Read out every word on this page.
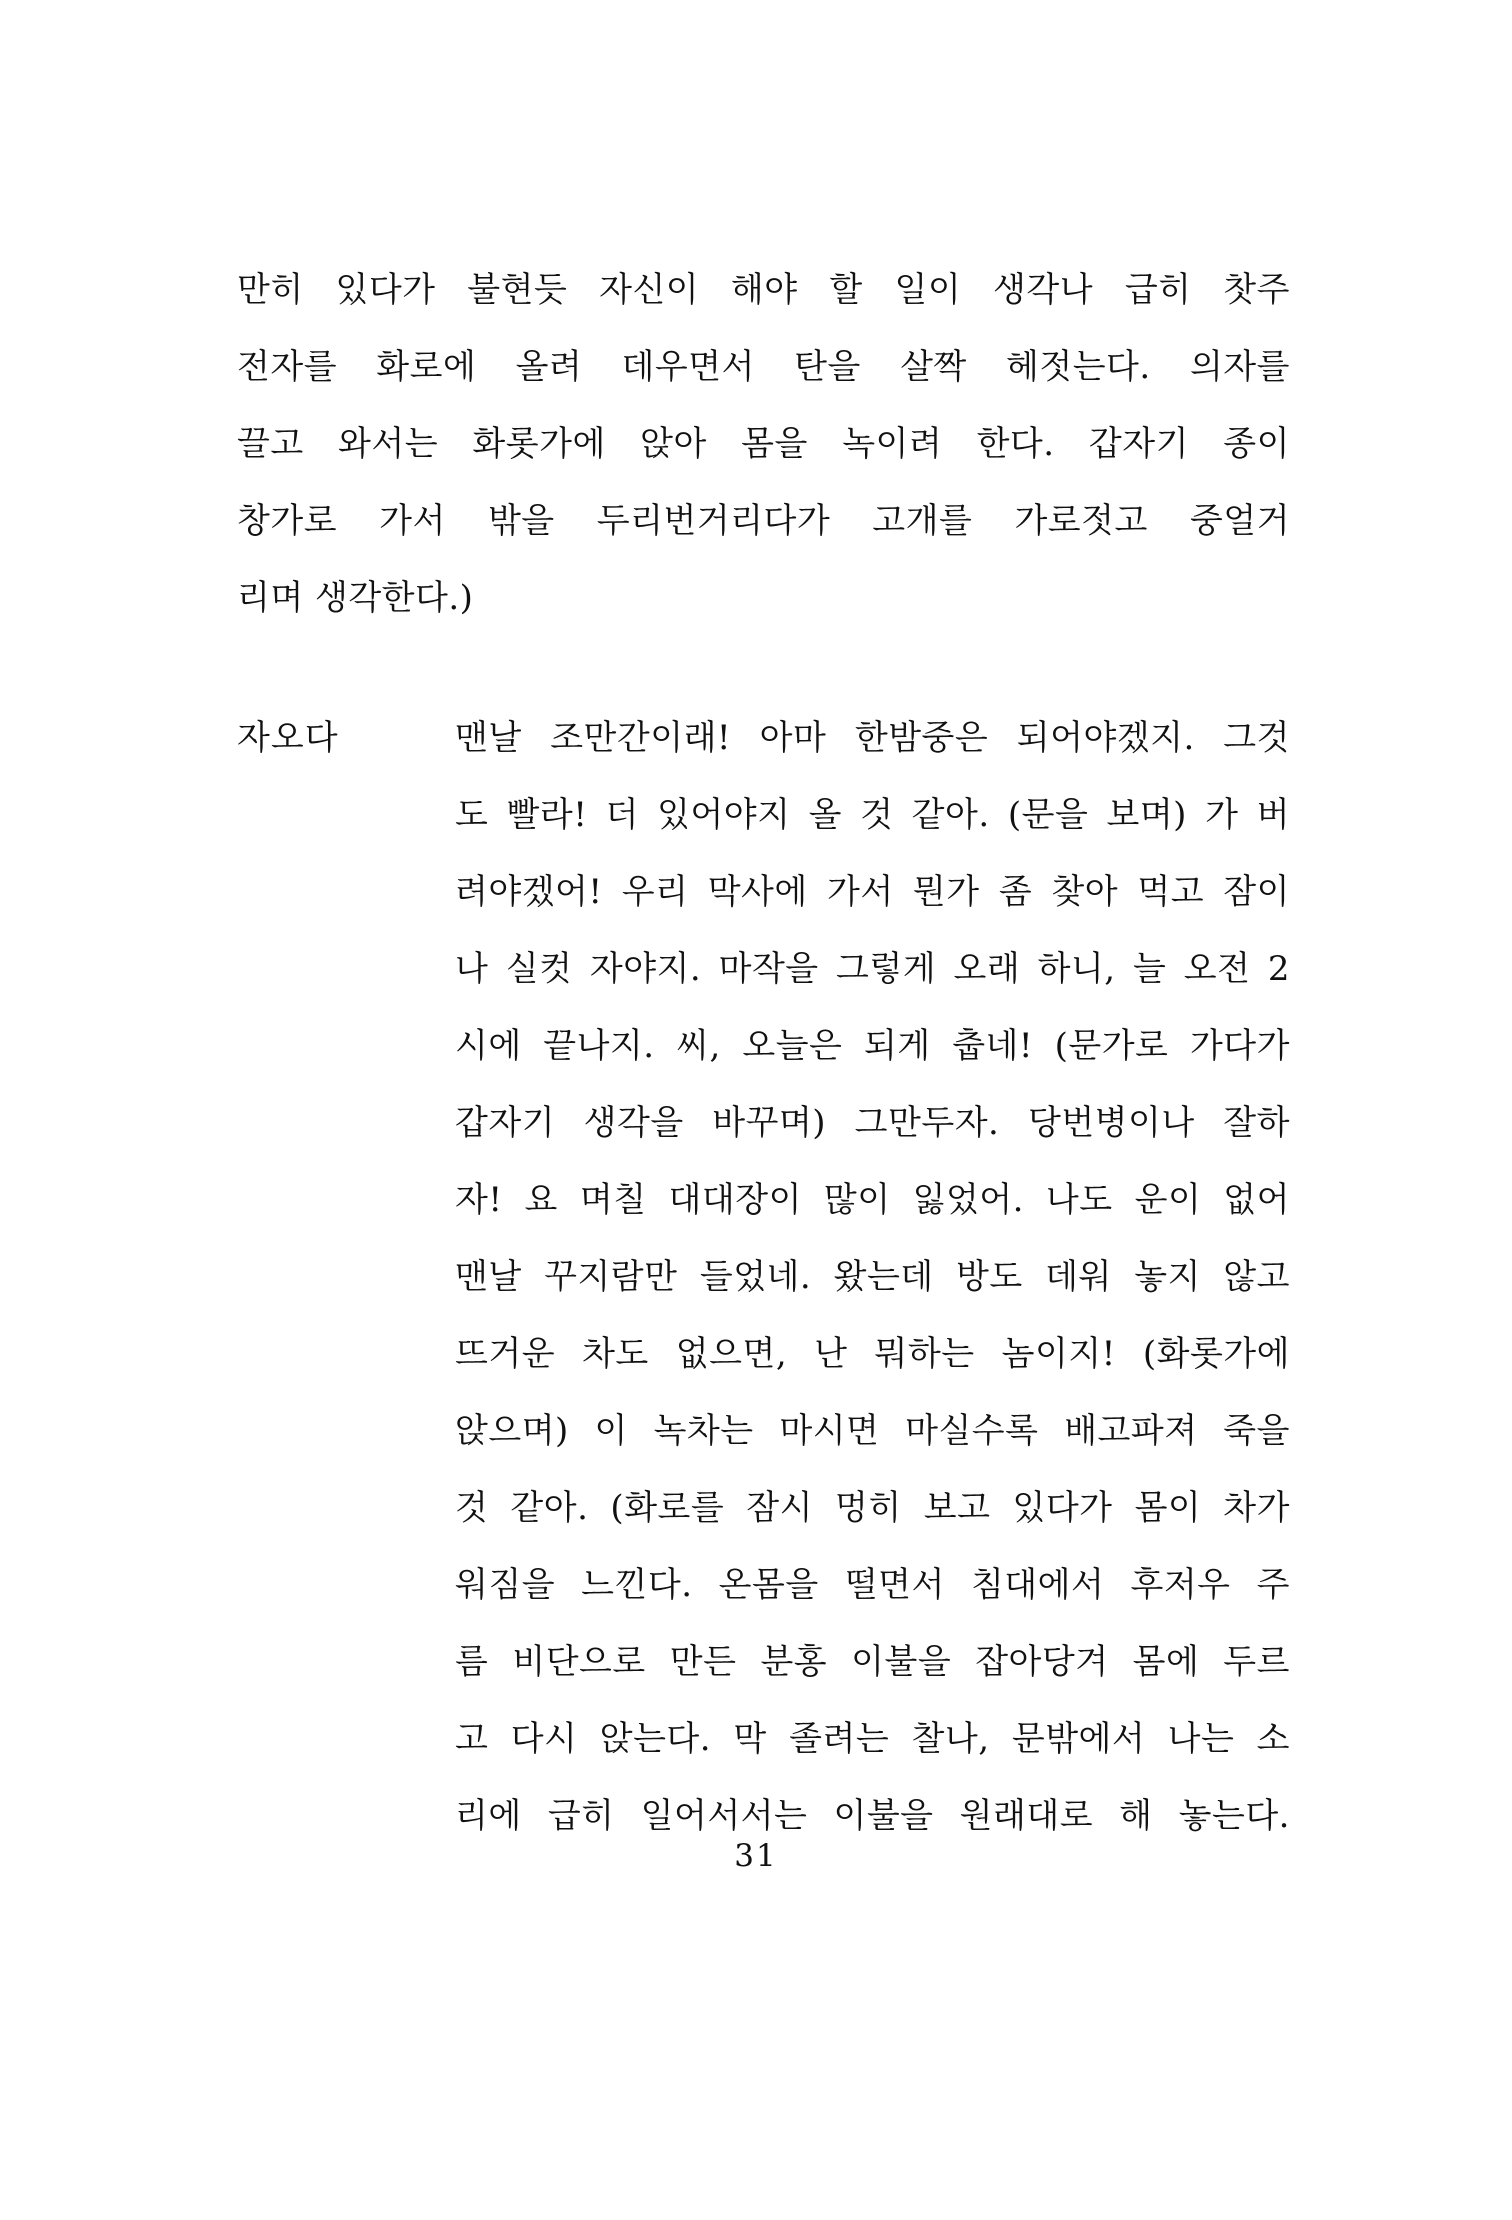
만히 있다가 불현듯 자신이 해야 할 일이 생각나 급히 찻주
전자를 화로에 올려 데우면서 탄을 살짝 헤젓는다. 의자를
끌고 와서는 화롯가에 앉아 몸을 녹이려 한다. 갑자기 종이
창가로 가서 밖을 두리번거리다가 고개를 가로젓고 중얼거
리며 생각한다.)
자오다	맨날 조만간이래! 아마 한밤중은 되어야겠지. 그것
도 빨라! 더 있어야지 올 것 같아. (문을 보며) 가 버
려야겠어! 우리 막사에 가서 뭔가 좀 찾아 먹고 잠이
나 실컷 자야지. 마작을 그렇게 오래 하니, 늘 오전 2
시에 끝나지. 씨, 오늘은 되게 춥네! (문가로 가다가
갑자기 생각을 바꾸며) 그만두자. 당번병이나 잘하
자! 요 며칠 대대장이 많이 잃었어. 나도 운이 없어
맨날 꾸지람만 들었네. 왔는데 방도 데워 놓지 않고
뜨거운 차도 없으면, 난 뭐하는 놈이지! (화롯가에
앉으며) 이 녹차는 마시면 마실수록 배고파져 죽을
것 같아. (화로를 잠시 멍히 보고 있다가 몸이 차가
워짐을 느낀다. 온몸을 떨면서 침대에서 후저우 주
름 비단으로 만든 분홍 이불을 잡아당겨 몸에 두르
고 다시 앉는다. 막 졸려는 찰나, 문밖에서 나는 소
리에 급히 일어서서는 이불을 원래대로 해 놓는다.
31
